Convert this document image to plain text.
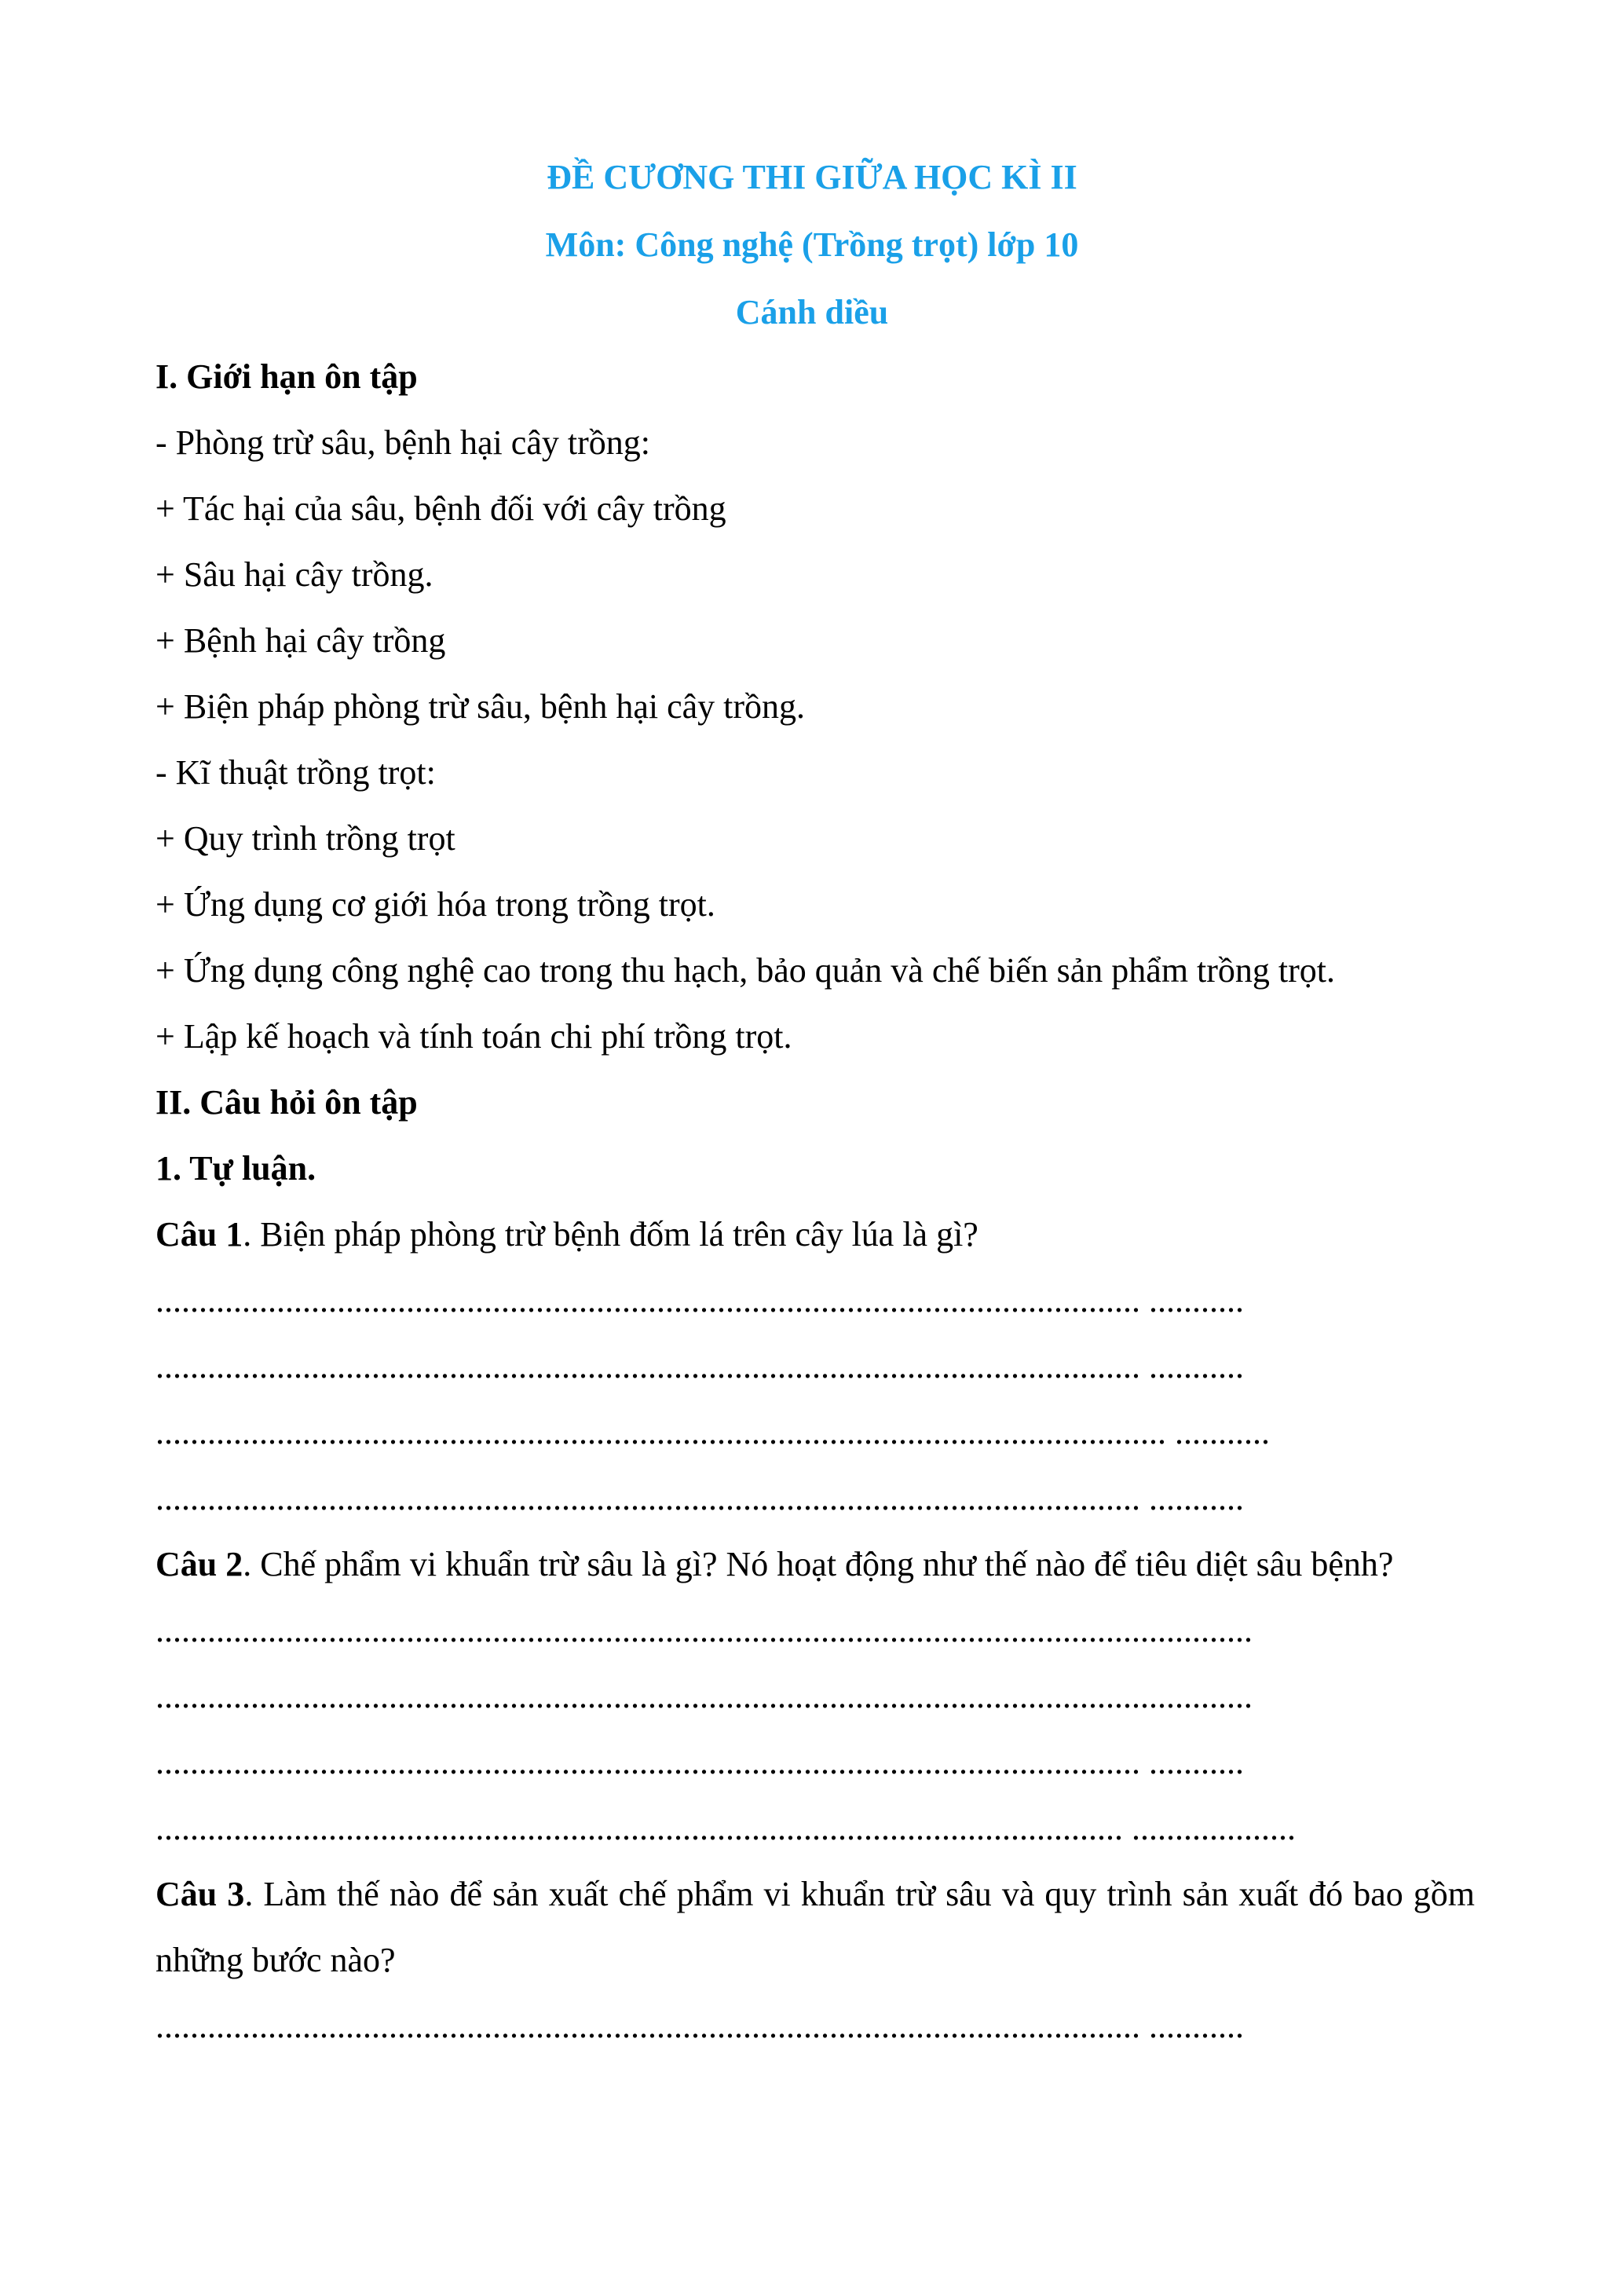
ĐỀ CƯƠNG THI GIỮA HỌC KÌ II
Môn: Công nghệ (Trồng trọt) lớp 10
Cánh diều

I. Giới hạn ôn tập

- Phòng trừ sâu, bệnh hại cây trồng:

+ Tác hại của sâu, bệnh đối với cây trồng

+ Sâu hại cây trồng.

+ Bệnh hại cây trồng

+ Biện pháp phòng trừ sâu, bệnh hại cây trồng.

- Kĩ thuật trồng trọt:

+ Quy trình trồng trọt

+ Ứng dụng cơ giới hóa trong trồng trọt.

+ Ứng dụng công nghệ cao trong thu hạch, bảo quản và chế biến sản phẩm trồng trọt.

+ Lập kế hoạch và tính toán chi phí trồng trọt.

II. Câu hỏi ôn tập

1. Tự luận.

Câu 1. Biện pháp phòng trừ bệnh đốm lá trên cây lúa là gì?

.................................................................................................................. ...........

.................................................................................................................. ...........

..................................................................................................................... ...........

.................................................................................................................. ...........

Câu 2. Chế phẩm vi khuẩn trừ sâu là gì? Nó hoạt động như thế nào để tiêu diệt sâu bệnh?

...............................................................................................................................

...............................................................................................................................

.................................................................................................................. ...........

................................................................................................................ ...................

Câu 3. Làm thế nào để sản xuất chế phẩm vi khuẩn trừ sâu và quy trình sản xuất đó bao gồm những bước nào?

.................................................................................................................. ...........
